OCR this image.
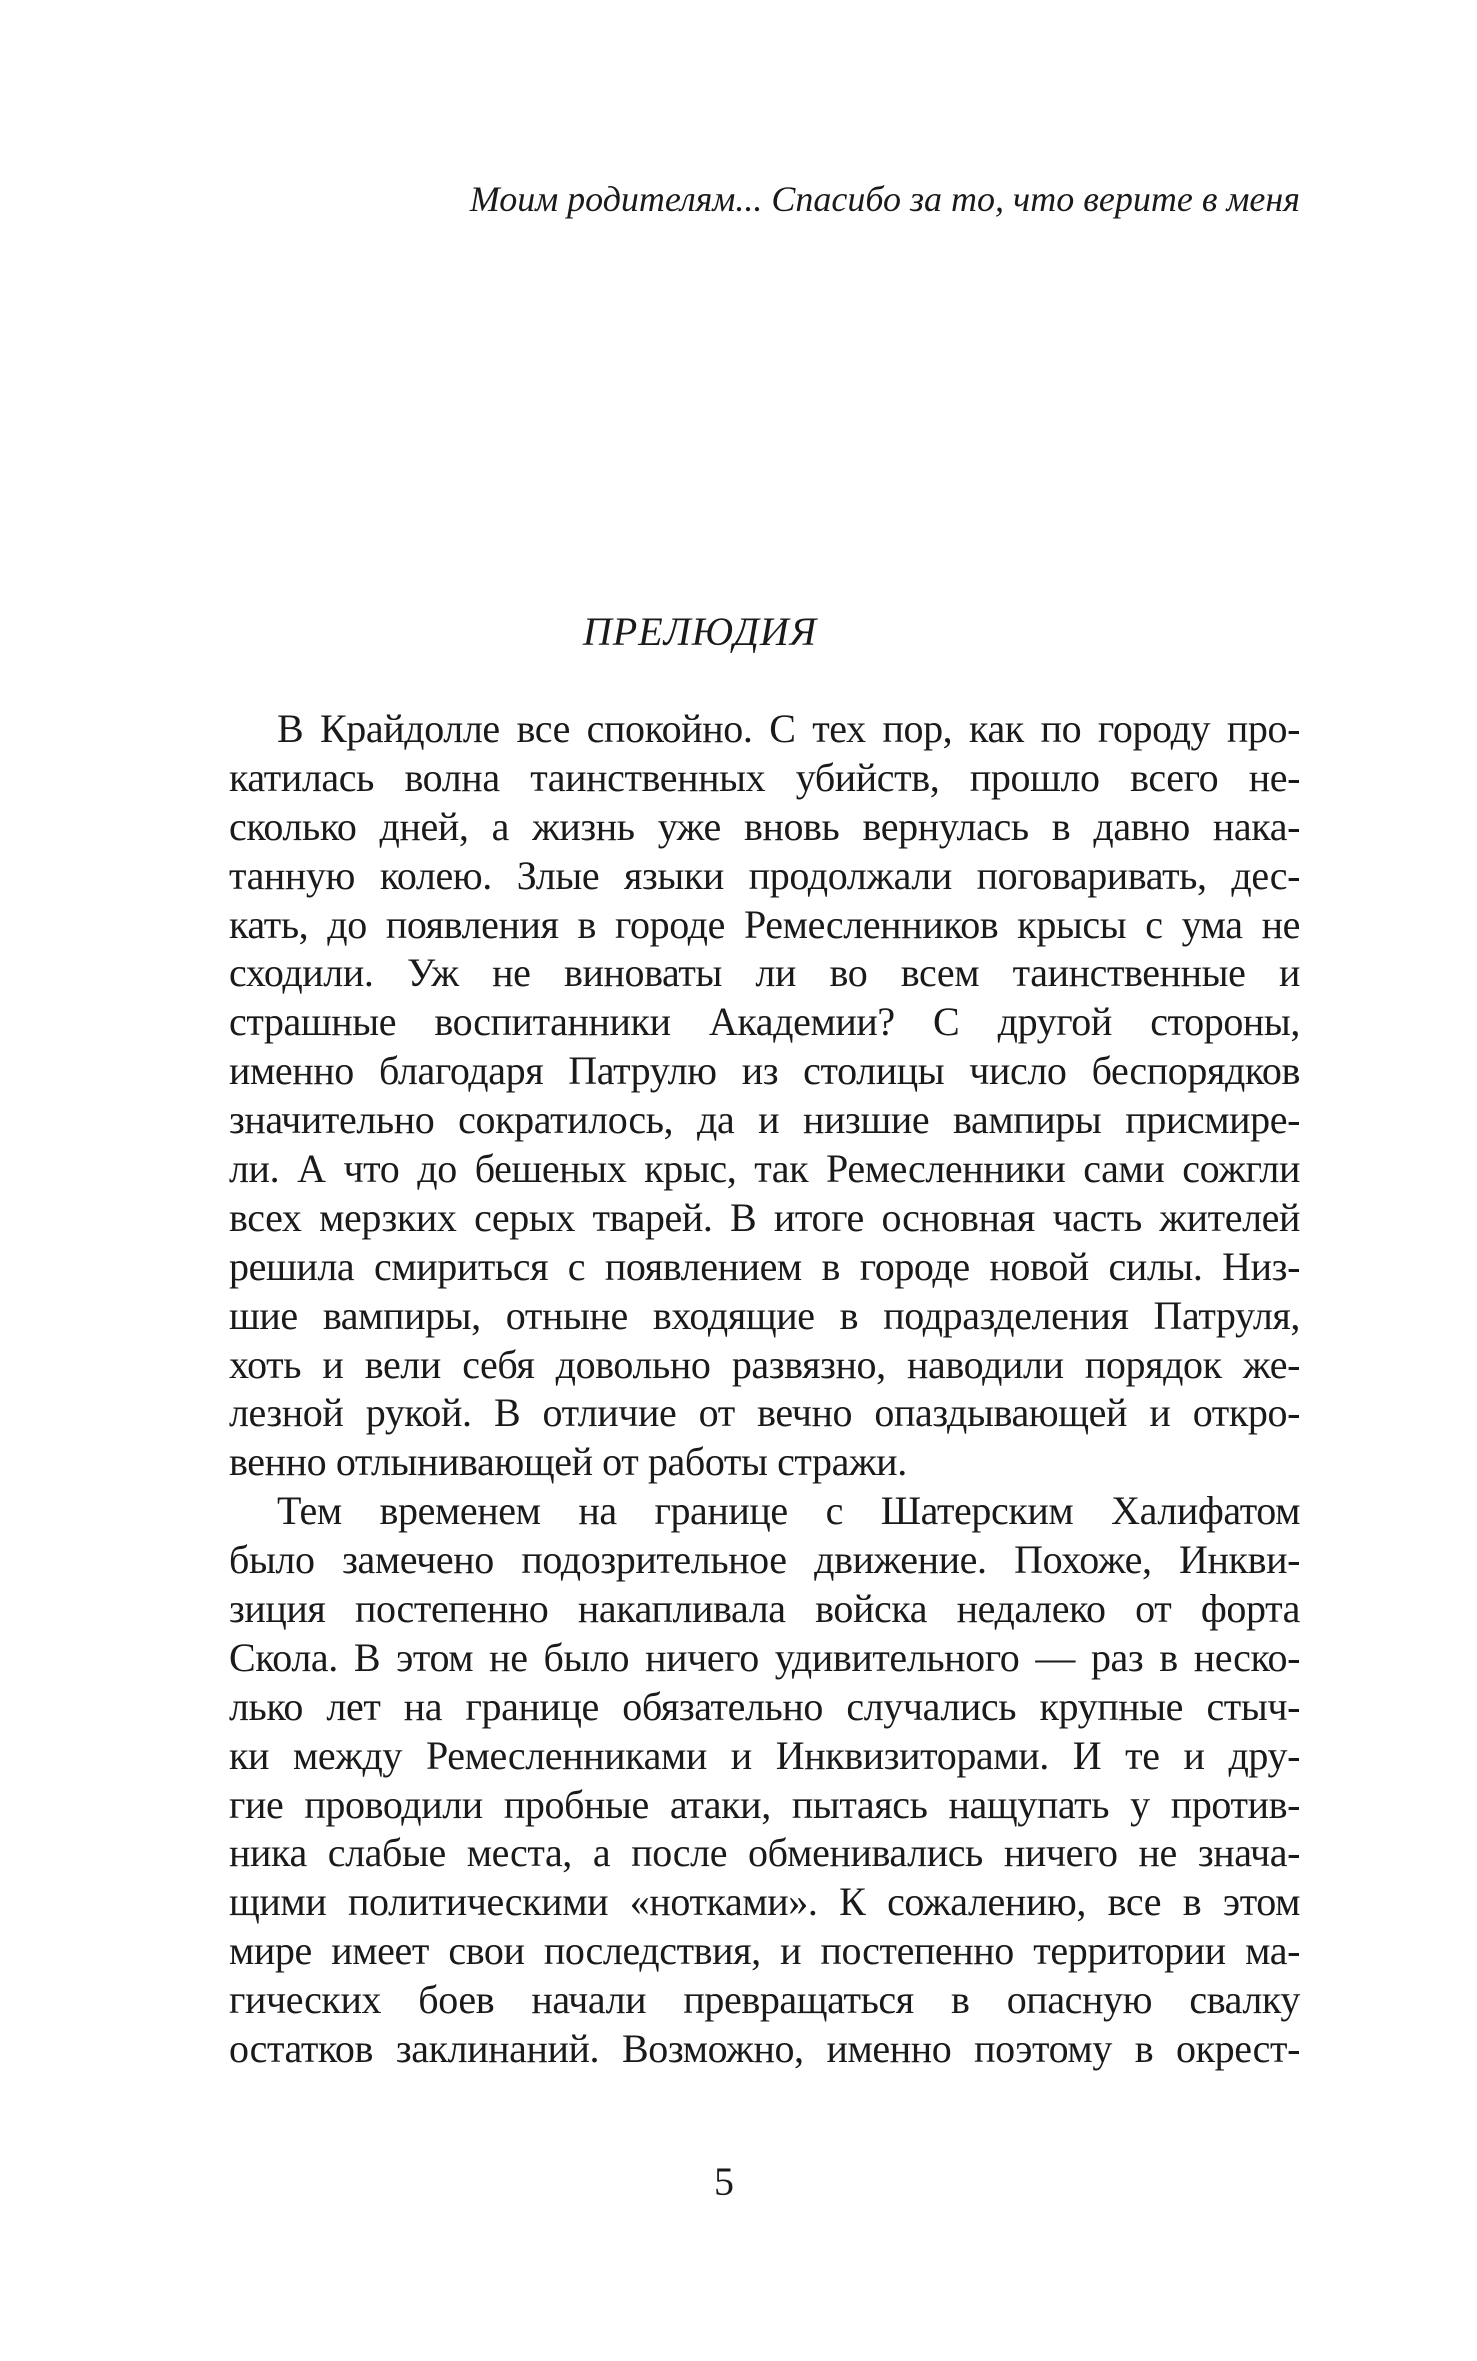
Моим родителям... Спасибо за то, что верите в меня
ПРЕЛЮДИЯ
В Крайдолле все спокойно. С тех пор, как по городу про-
катилась волна таинственных убийств, прошло всего не-
сколько дней, а жизнь уже вновь вернулась в давно нака-
танную колею. Злые языки продолжали поговаривать, дес-
кать, до появления в городе Ремесленников крысы с ума не
сходили. Уж не виноваты ли во всем таинственные и
страшные воспитанники Академии? С другой стороны,
именно благодаря Патрулю из столицы число беспорядков
значительно сократилось, да и низшие вампиры присмире-
ли. А что до бешеных крыс, так Ремесленники сами сожгли
всех мерзких серых тварей. В итоге основная часть жителей
решила смириться с появлением в городе новой силы. Низ-
шие вампиры, отныне входящие в подразделения Патруля,
хоть и вели себя довольно развязно, наводили порядок же-
лезной рукой. В отличие от вечно опаздывающей и откро-
венно отлынивающей от работы стражи.
Тем временем на границе с Шатерским Халифатом
было замечено подозрительное движение. Похоже, Инкви-
зиция постепенно накапливала войска недалеко от форта
Скола. В этом не было ничего удивительного — раз в неско-
лько лет на границе обязательно случались крупные стыч-
ки между Ремесленниками и Инквизиторами. И те и дру-
гие проводили пробные атаки, пытаясь нащупать у против-
ника слабые места, а после обменивались ничего не знача-
щими политическими «нотками». К сожалению, все в этом
мире имеет свои последствия, и постепенно территории ма-
гических боев начали превращаться в опасную свалку
остатков заклинаний. Возможно, именно поэтому в окрест-
5
